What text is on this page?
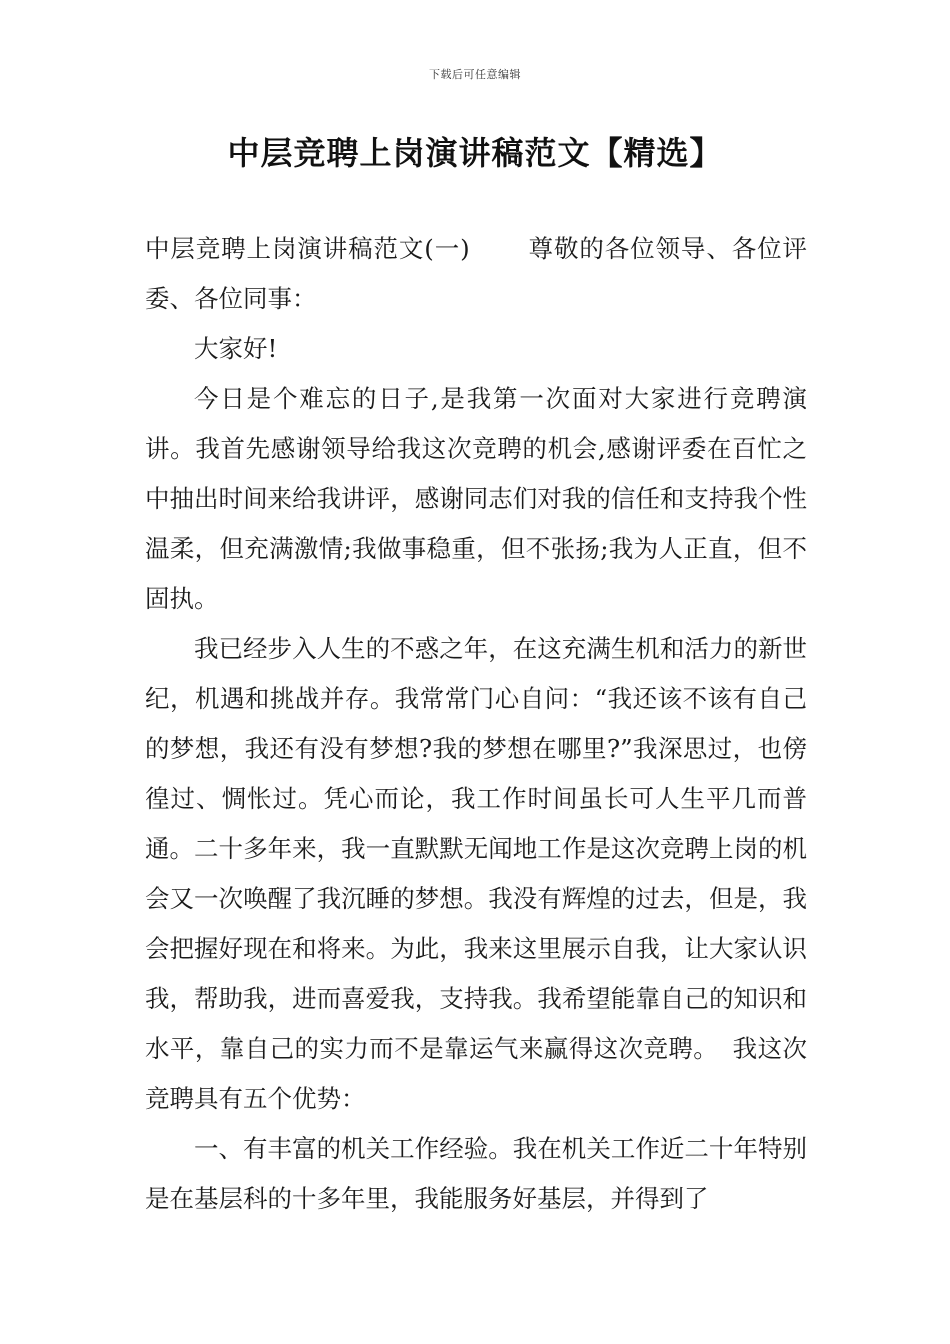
下载后可任意编辑
中层竞聘上岗演讲稿范文【精选】

中层竞聘上岗演讲稿范文(一) 尊敬的各位领导、各位评委、各位同事：

大家好!

今日是个难忘的日子,是我第一次面对大家进行竞聘演讲。我首先感谢领导给我这次竞聘的机会,感谢评委在百忙之中抽出时间来给我讲评，感谢同志们对我的信任和支持我个性温柔，但充满激情;我做事稳重，但不张扬;我为人正直，但不固执。

我已经步入人生的不惑之年，在这充满生机和活力的新世纪，机遇和挑战并存。我常常门心自问：“我还该不该有自己的梦想，我还有没有梦想?我的梦想在哪里?”我深思过，也傍徨过、惆怅过。凭心而论，我工作时间虽长可人生平几而普通。二十多年来，我一直默默无闻地工作是这次竞聘上岗的机会又一次唤醒了我沉睡的梦想。我没有辉煌的过去，但是，我会把握好现在和将来。为此，我来这里展示自我，让大家认识我，帮助我，进而喜爱我，支持我。我希望能靠自己的知识和水平，靠自己的实力而不是靠运气来赢得这次竞聘。 我这次竞聘具有五个优势：

一、有丰富的机关工作经验。我在机关工作近二十年特别是在基层科的十多年里，我能服务好基层，并得到了
